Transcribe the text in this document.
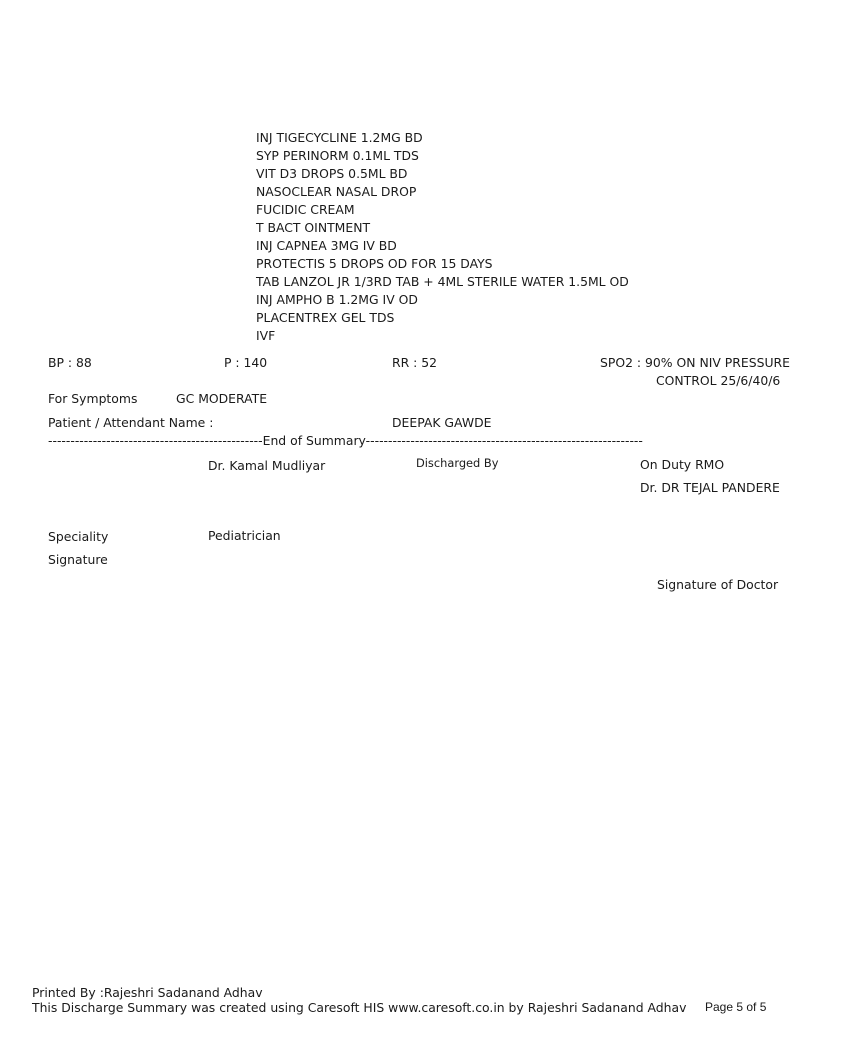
INJ TIGECYCLINE 1.2MG BD
SYP PERINORM 0.1ML TDS
VIT D3 DROPS 0.5ML BD
NASOCLEAR NASAL DROP
FUCIDIC CREAM
T BACT OINTMENT
INJ CAPNEA 3MG IV BD
PROTECTIS 5 DROPS OD FOR 15 DAYS
TAB LANZOL JR 1/3RD TAB + 4ML STERILE WATER 1.5ML OD
INJ AMPHO B 1.2MG IV OD
PLACENTREX GEL TDS
IVF
BP : 88	P : 140	RR : 52	SPO2 : 90% ON NIV PRESSURE
CONTROL 25/6/40/6
For Symptoms	GC MODERATE
Patient / Attendant Name :	DEEPAK GAWDE
------------------------------------------------End of Summary--------------------------------------------------------------
Dr. Kamal Mudliyar	Discharged By	On Duty RMO
Dr. DR TEJAL PANDERE
Speciality	Pediatrician
Signature
Signature of Doctor
Printed By :Rajeshri Sadanand Adhav
This Discharge Summary was created using Caresoft HIS www.caresoft.co.in by Rajeshri Sadanand Adhav Page 5 of 5
